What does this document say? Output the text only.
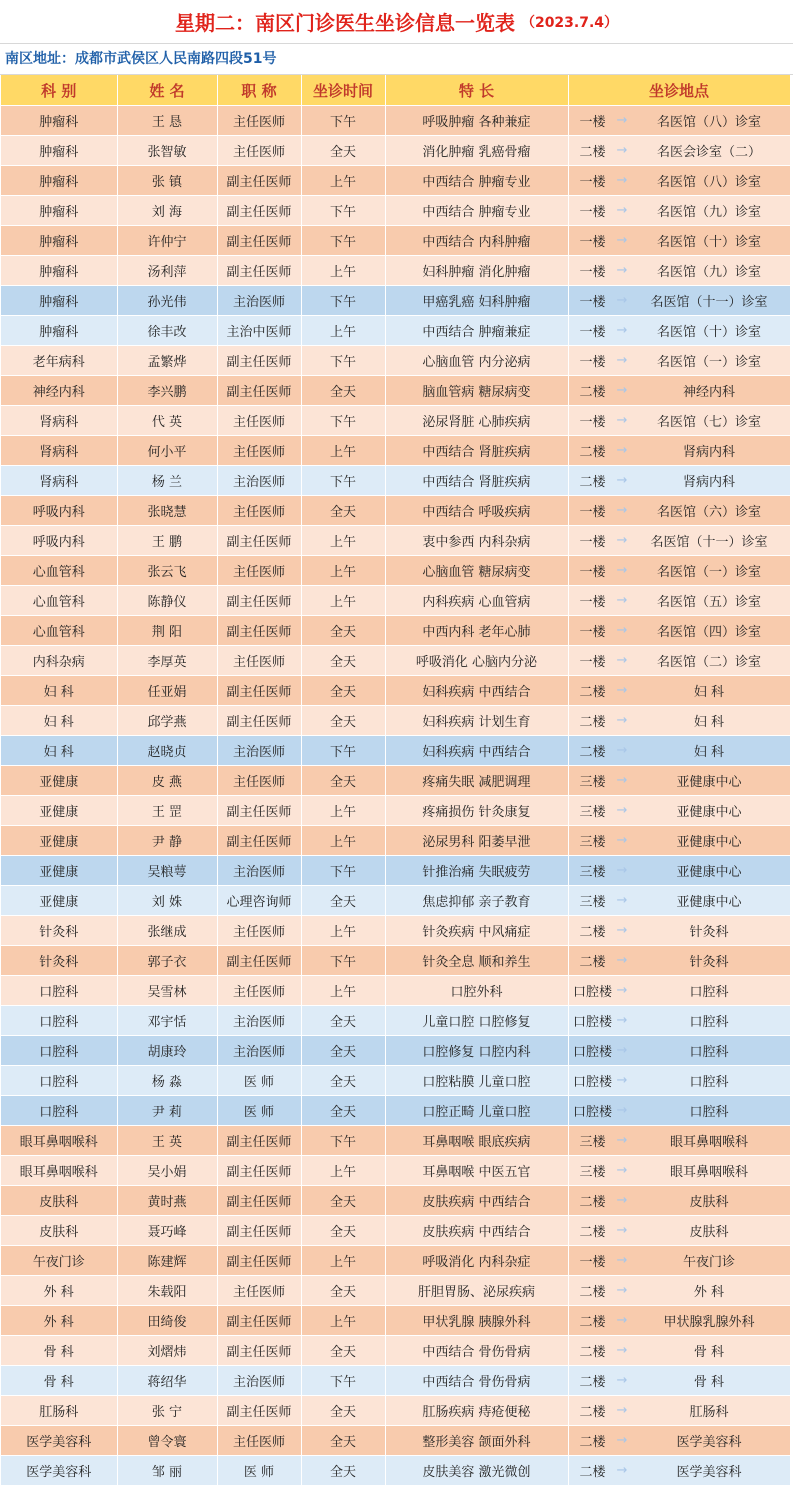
星期二：南区门诊医生坐诊信息一览表 （2023.7.4）
南区地址：成都市武侯区人民南路四段51号
科 别	姓 名	职 称	坐诊时间	特 长	坐诊地点
肿瘤科	王 恳	主任医师	下午	呼吸肿瘤 各种兼症	一楼 → 名医馆（八）诊室

肿瘤科	张智敏	主任医师	全天	消化肿瘤 乳癌骨瘤	二楼 → 名医会诊室（二）

肿瘤科	张 镇	副主任医师	上午	中西结合 肿瘤专业	一楼 → 名医馆（八）诊室

肿瘤科	刘 海	副主任医师	下午	中西结合 肿瘤专业	一楼 → 名医馆（九）诊室

肿瘤科	许仲宁	副主任医师	下午	中西结合 内科肿瘤	一楼 → 名医馆（十）诊室

肿瘤科	汤利萍	副主任医师	上午	妇科肿瘤 消化肿瘤	一楼 → 名医馆（九）诊室

肿瘤科	孙光伟	主治医师	下午	甲癌乳癌 妇科肿瘤	一楼 → 名医馆（十一）诊室

肿瘤科	徐丰改	主治中医师	上午	中西结合 肿瘤兼症	一楼 → 名医馆（十）诊室

老年病科	孟繁烨	副主任医师	下午	心脑血管 内分泌病	一楼 → 名医馆（一）诊室

神经内科	李兴鹏	副主任医师	全天	脑血管病 糖尿病变	二楼 → 神经内科

肾病科	代 英	主任医师	下午	泌尿肾脏 心肺疾病	一楼 → 名医馆（七）诊室

肾病科	何小平	主任医师	上午	中西结合 肾脏疾病	二楼 → 肾病内科

肾病科	杨 兰	主治医师	下午	中西结合 肾脏疾病	二楼 → 肾病内科

呼吸内科	张晓慧	主任医师	全天	中西结合 呼吸疾病	一楼 → 名医馆（六）诊室

呼吸内科	王 鹏	副主任医师	上午	衷中参西 内科杂病	一楼 → 名医馆（十一）诊室

心血管科	张云飞	主任医师	上午	心脑血管 糖尿病变	一楼 → 名医馆（一）诊室

心血管科	陈静仪	副主任医师	上午	内科疾病 心血管病	一楼 → 名医馆（五）诊室

心血管科	荆 阳	副主任医师	全天	中西内科 老年心肺	一楼 → 名医馆（四）诊室

内科杂病	李厚英	主任医师	全天	呼吸消化 心脑内分泌	一楼 → 名医馆（二）诊室

妇 科	任亚娟	副主任医师	全天	妇科疾病 中西结合	二楼 → 妇 科

妇 科	邱学燕	副主任医师	全天	妇科疾病 计划生育	二楼 → 妇 科

妇 科	赵晓贞	主治医师	下午	妇科疾病 中西结合	二楼 → 妇 科

亚健康	皮 燕	主任医师	全天	疼痛失眠 减肥调理	三楼 → 亚健康中心

亚健康	王 罡	副主任医师	上午	疼痛损伤 针灸康复	三楼 → 亚健康中心

亚健康	尹 静	副主任医师	上午	泌尿男科 阳萎早泄	三楼 → 亚健康中心

亚健康	吴粮萼	主治医师	下午	针推治痛 失眠疲劳	三楼 → 亚健康中心

亚健康	刘 姝	心理咨询师	全天	焦虑抑郁 亲子教育	三楼 → 亚健康中心

针灸科	张继成	主任医师	上午	针灸疾病 中风痛症	二楼 → 针灸科

针灸科	郭子衣	副主任医师	下午	针灸全息 顺和养生	二楼 → 针灸科

口腔科	吴雪林	主任医师	上午	口腔外科	口腔楼 → 口腔科

口腔科	邓宇恬	主治医师	全天	儿童口腔 口腔修复	口腔楼 → 口腔科

口腔科	胡康玲	主治医师	全天	口腔修复 口腔内科	口腔楼 → 口腔科

口腔科	杨 淼	医 师	全天	口腔粘膜 儿童口腔	口腔楼 → 口腔科

口腔科	尹 莉	医 师	全天	口腔正畸 儿童口腔	口腔楼 → 口腔科

眼耳鼻咽喉科	王 英	副主任医师	下午	耳鼻咽喉 眼底疾病	三楼 → 眼耳鼻咽喉科

眼耳鼻咽喉科	吴小娟	副主任医师	上午	耳鼻咽喉 中医五官	三楼 → 眼耳鼻咽喉科

皮肤科	黄时燕	副主任医师	全天	皮肤疾病 中西结合	二楼 → 皮肤科

皮肤科	聂巧峰	副主任医师	全天	皮肤疾病 中西结合	二楼 → 皮肤科

午夜门诊	陈建辉	副主任医师	上午	呼吸消化 内科杂症	一楼 → 午夜门诊

外 科	朱载阳	主任医师	全天	肝胆胃肠、泌尿疾病	二楼 → 外 科

外 科	田绮俊	副主任医师	上午	甲状乳腺 胰腺外科	二楼 → 甲状腺乳腺外科

骨 科	刘熠炜	副主任医师	全天	中西结合 骨伤骨病	二楼 → 骨 科

骨 科	蒋绍华	主治医师	下午	中西结合 骨伤骨病	二楼 → 骨 科

肛肠科	张 宁	副主任医师	全天	肛肠疾病 痔疮便秘	二楼 → 肛肠科

医学美容科	曾令寰	主任医师	全天	整形美容 颌面外科	二楼 → 医学美容科

医学美容科	邹 丽	医 师	全天	皮肤美容 激光微创	二楼 → 医学美容科
